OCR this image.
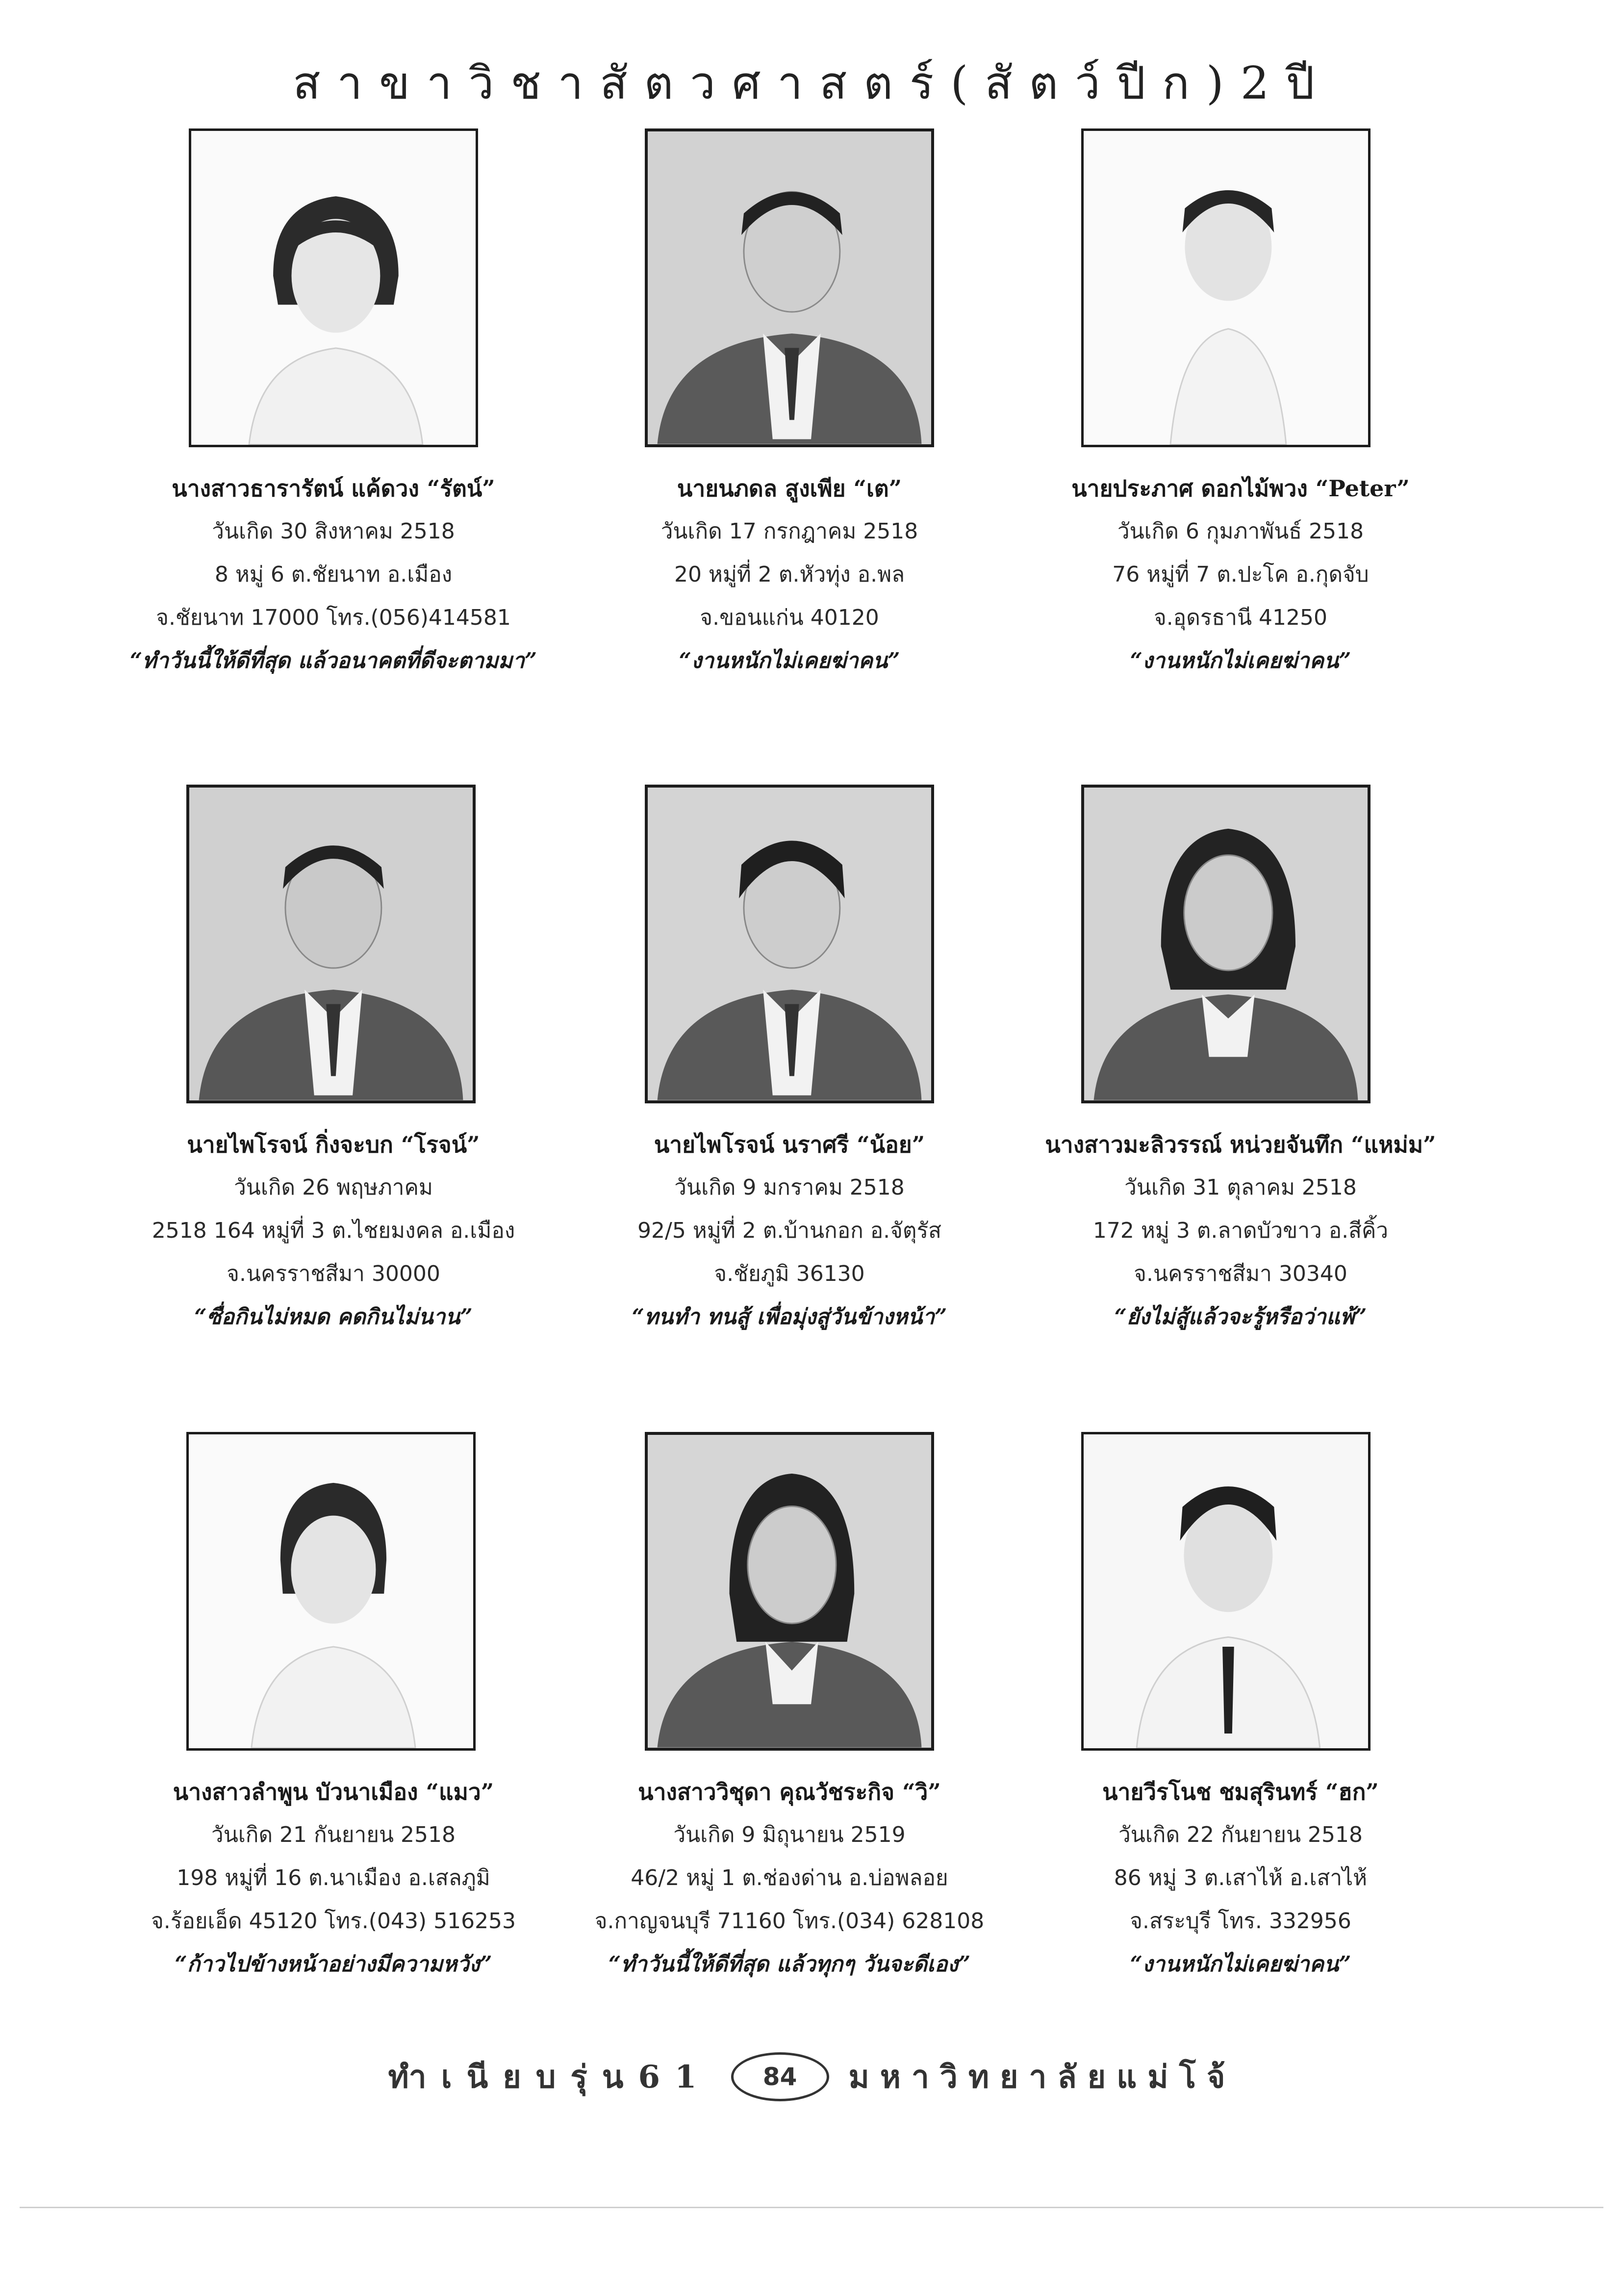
สาขาวิชาสัตวศาสตร์(สัตว์ปีก)2ปี
นางสาวธารารัตน์ แค้ดวง “รัตน์”
วันเกิด 30 สิงหาคม 2518
8 หมู่ 6 ต.ชัยนาท อ.เมือง
จ.ชัยนาท 17000 โทร.(056)414581
“ทำวันนี้ให้ดีที่สุด แล้วอนาคตที่ดีจะตามมา”
นายนภดล สูงเพีย “เต”
วันเกิด 17 กรกฎาคม 2518
20 หมู่ที่ 2 ต.หัวทุ่ง อ.พล
จ.ขอนแก่น 40120
“งานหนักไม่เคยฆ่าคน”
นายประภาศ ดอกไม้พวง “Peter”
วันเกิด 6 กุมภาพันธ์ 2518
76 หมู่ที่ 7 ต.ปะโค อ.กุดจับ
จ.อุดรธานี 41250
“งานหนักไม่เคยฆ่าคน”
นายไพโรจน์ กิ่งจะบก “โรจน์”
วันเกิด 26 พฤษภาคม
2518 164 หมู่ที่ 3 ต.ไชยมงคล อ.เมือง
จ.นครราชสีมา 30000
“ซื่อกินไม่หมด คดกินไม่นาน”
นายไพโรจน์ นราศรี “น้อย”
วันเกิด 9 มกราคม 2518
92/5 หมู่ที่ 2 ต.บ้านกอก อ.จัตุรัส
จ.ชัยภูมิ 36130
“ทนทำ ทนสู้ เพื่อมุ่งสู่วันข้างหน้า”
นางสาวมะลิวรรณ์ หน่วยจันทึก “แหม่ม”
วันเกิด 31 ตุลาคม 2518
172 หมู่ 3 ต.ลาดบัวขาว อ.สีคิ้ว
จ.นครราชสีมา 30340
“ยังไม่สู้แล้วจะรู้หรือว่าแพ้”
นางสาวลำพูน บัวนาเมือง “แมว”
วันเกิด 21 กันยายน 2518
198 หมู่ที่ 16 ต.นาเมือง อ.เสลภูมิ
จ.ร้อยเอ็ด 45120 โทร.(043) 516253
“ก้าวไปข้างหน้าอย่างมีความหวัง”
นางสาววิชุดา คุณวัชระกิจ “วิ”
วันเกิด 9 มิถุนายน 2519
46/2 หมู่ 1 ต.ช่องด่าน อ.บ่อพลอย
จ.กาญจนบุรี 71160 โทร.(034) 628108
“ทำวันนี้ให้ดีที่สุด แล้วทุกๆ วันจะดีเอง”
นายวีรโนช ชมสุรินทร์ “ฮก”
วันเกิด 22 กันยายน 2518
86 หมู่ 3 ต.เสาไห้ อ.เสาไห้
จ.สระบุรี โทร. 332956
“งานหนักไม่เคยฆ่าคน”
ทำเนียบรุ่น61	84	มหาวิทยาลัยแม่โจ้
